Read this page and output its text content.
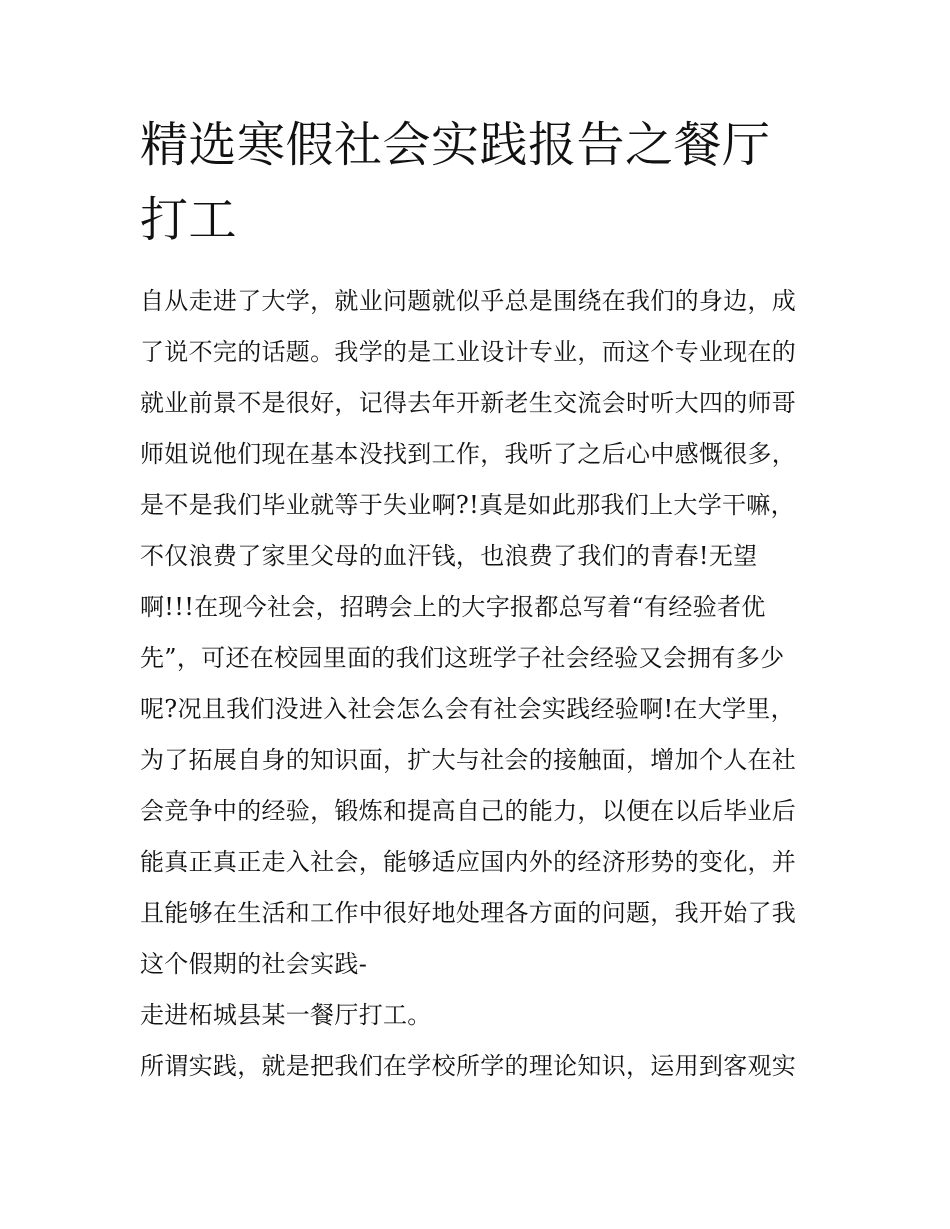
精选寒假社会实践报告之餐厅
打工
自从走进了大学，就业问题就似乎总是围绕在我们的身边，成
了说不完的话题。我学的是工业设计专业，而这个专业现在的
就业前景不是很好，记得去年开新老生交流会时听大四的师哥
师姐说他们现在基本没找到工作，我听了之后心中感慨很多，
是不是我们毕业就等于失业啊?!真是如此那我们上大学干嘛，
不仅浪费了家里父母的血汗钱，也浪费了我们的青春!无望
啊!!!在现今社会，招聘会上的大字报都总写着“有经验者优
先”，可还在校园里面的我们这班学子社会经验又会拥有多少
呢?况且我们没进入社会怎么会有社会实践经验啊!在大学里，
为了拓展自身的知识面，扩大与社会的接触面，增加个人在社
会竞争中的经验，锻炼和提高自己的能力，以便在以后毕业后
能真正真正走入社会，能够适应国内外的经济形势的变化，并
且能够在生活和工作中很好地处理各方面的问题，我开始了我
这个假期的社会实践-
走进柘城县某一餐厅打工。
所谓实践，就是把我们在学校所学的理论知识，运用到客观实
